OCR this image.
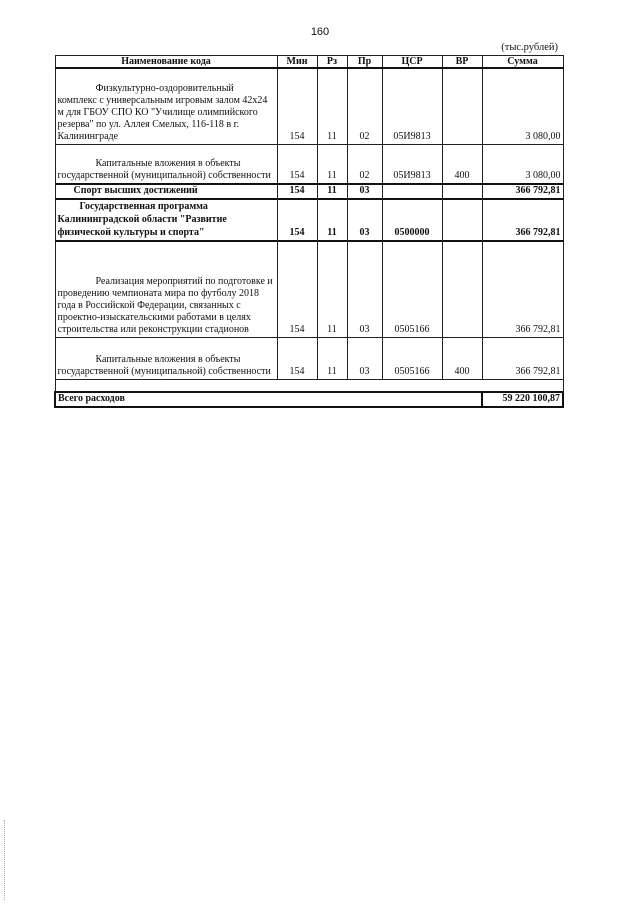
160
(тыс.рублей)
Наименование кода	Мин	Рз	Пр	ЦСР	ВР	Сумма

Физкультурно-оздоровительный комплекс с универсальным игровым залом 42х24 м для ГБОУ СПО КО "Училище олимпийского резерва" по ул. Аллея Смелых, 116-118 в г. Калининграде	154	11	02	05И9813		3 080,00

Капитальные вложения в объекты государственной (муниципальной) собственности	154	11	02	05И9813	400	3 080,00

Спорт высших достижений	154	11	03			366 792,81

Государственная программа Калининградской области "Развитие физической культуры и спорта"	154	11	03	0500000		366 792,81

Реализация мероприятий по подготовке и проведению чемпионата мира по футболу 2018 года в Российской Федерации, связанных с проектно-изыскательскими работами в целях строительства или реконструкции стадионов	154	11	03	0505166		366 792,81

Капитальные вложения в объекты государственной (муниципальной) собственности	154	11	03	0505166	400	366 792,81

Всего расходов						59 220 100,87
